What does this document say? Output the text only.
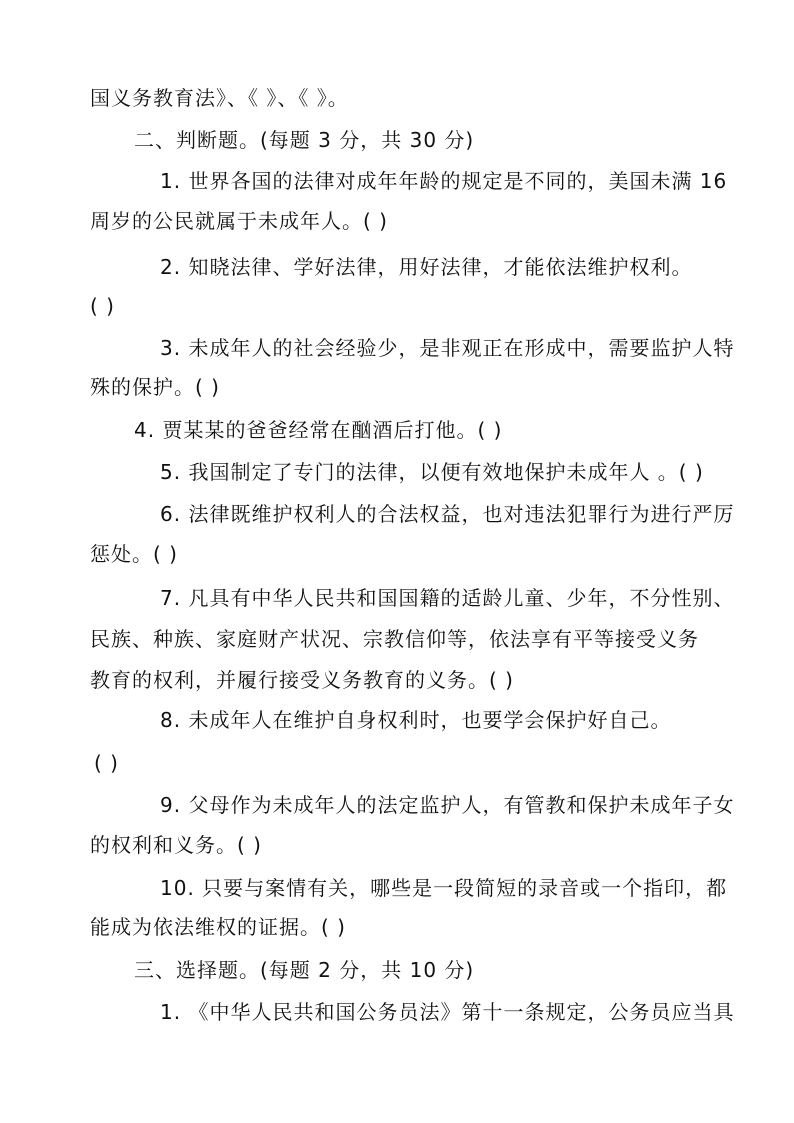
国义务教育法》、《 》、《 》。
二、判断题。(每题 3 分，共 30 分)
1. 世界各国的法律对成年年龄的规定是不同的，美国未满 16
周岁的公民就属于未成年人。( )
2. 知晓法律、学好法律，用好法律，才能依法维护权利。
( )
3. 未成年人的社会经验少，是非观正在形成中，需要监护人特
殊的保护。( )
4. 贾某某的爸爸经常在酗酒后打他。( )
5. 我国制定了专门的法律，以便有效地保护未成年人 。( )
6. 法律既维护权利人的合法权益，也对违法犯罪行为进行严厉
惩处。( )
7. 凡具有中华人民共和国国籍的适龄儿童、少年，不分性别、
民族、种族、家庭财产状况、宗教信仰等，依法享有平等接受义务
教育的权利，并履行接受义务教育的义务。( )
8. 未成年人在维护自身权利时，也要学会保护好自己。
( )
9. 父母作为未成年人的法定监护人，有管教和保护未成年子女
的权利和义务。( )
10. 只要与案情有关，哪些是一段简短的录音或一个指印，都
能成为依法维权的证据。( )
三、选择题。(每题 2 分，共 10 分)
1. 《中华人民共和国公务员法》第十一条规定，公务员应当具
